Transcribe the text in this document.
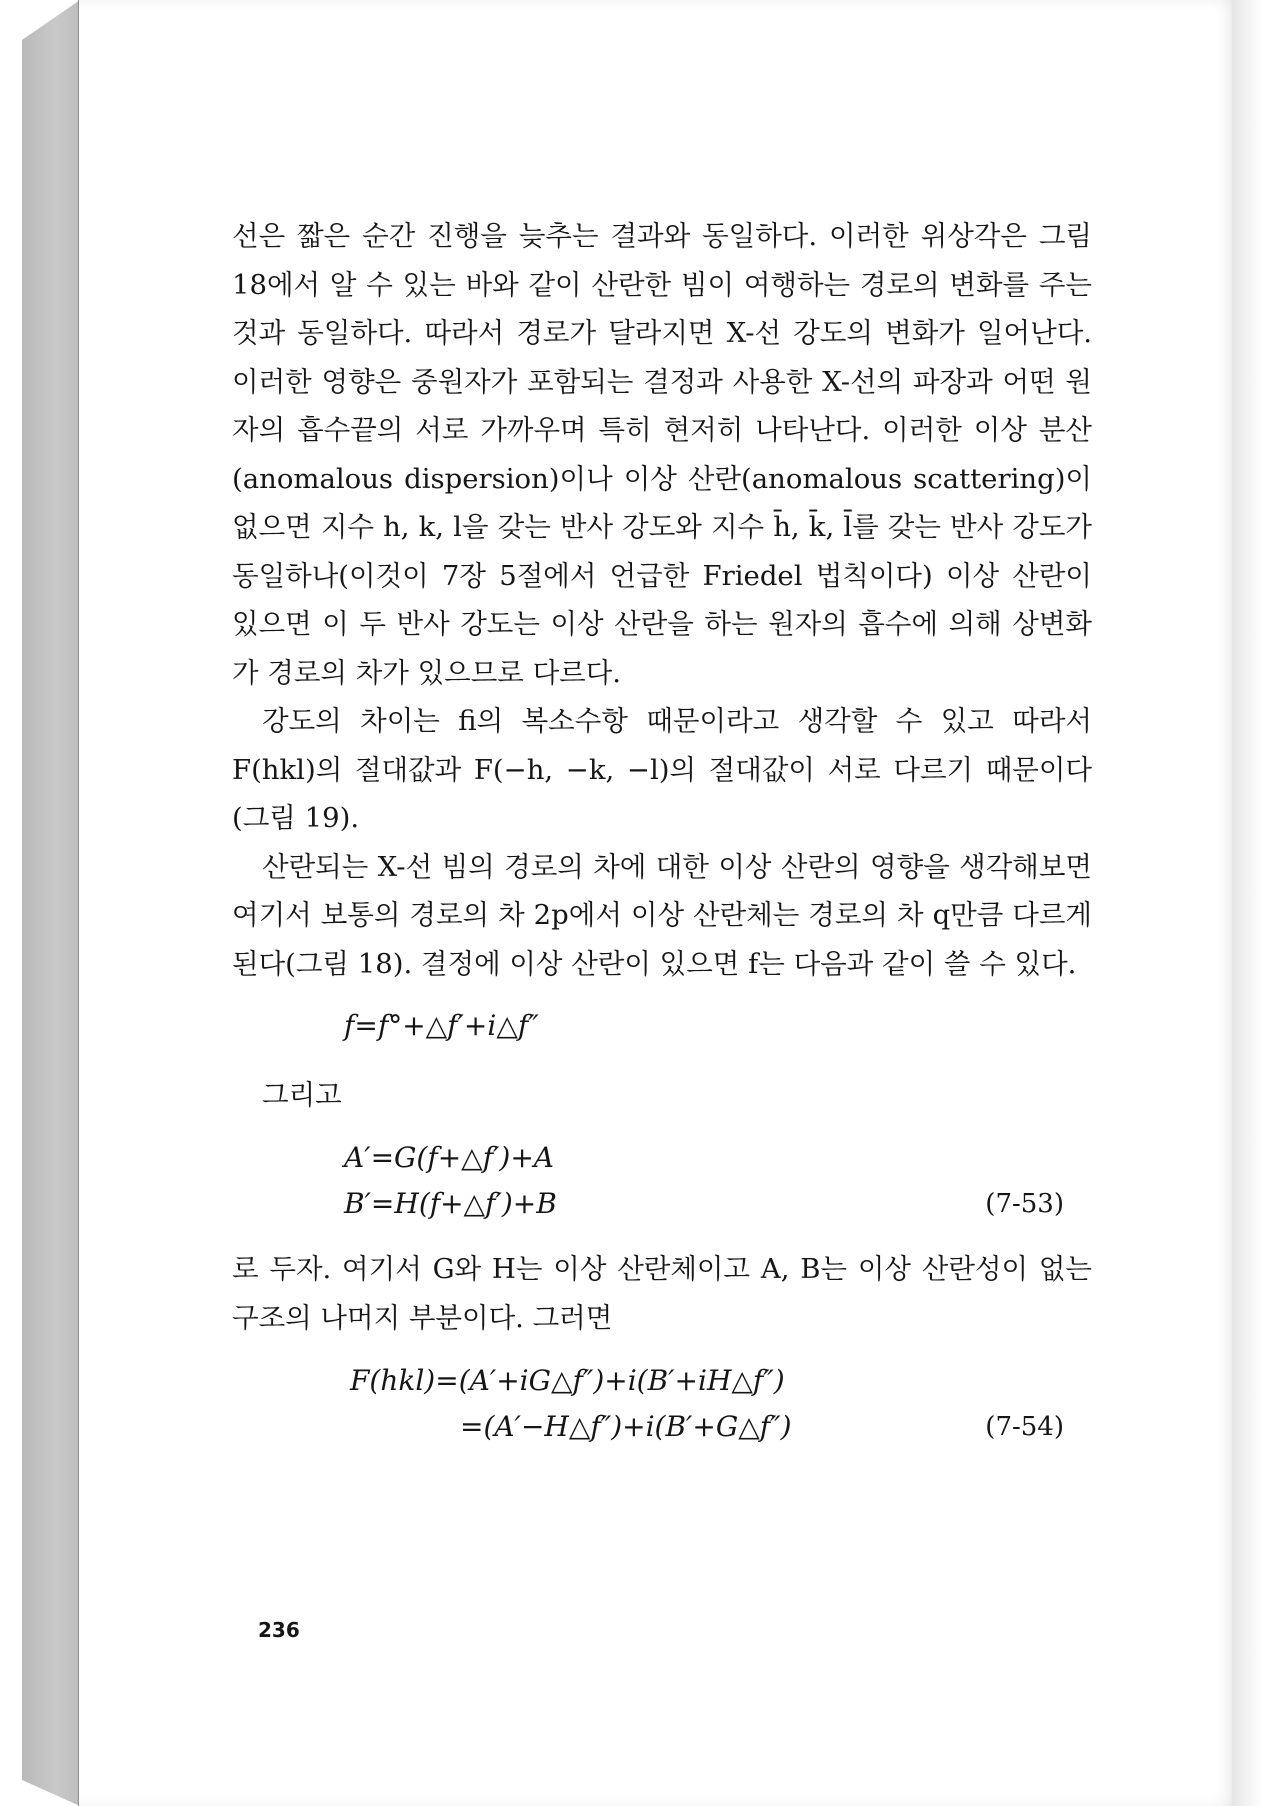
선은 짧은 순간 진행을 늦추는 결과와 동일하다. 이러한 위상각은 그림 18에서 알 수 있는 바와 같이 산란한 빔이 여행하는 경로의 변화를 주는 것과 동일하다. 따라서 경로가 달라지면 X-선 강도의 변화가 일어난다. 이러한 영향은 중원자가 포함되는 결정과 사용한 X-선의 파장과 어떤 원자의 흡수끝의 서로 가까우며 특히 현저히 나타난다. 이러한 이상 분산(anomalous dispersion)이나 이상 산란(anomalous scattering)이 없으면 지수 h, k, l을 갖는 반사 강도와 지수 h̄, k̄, l̄를 갖는 반사 강도가 동일하나(이것이 7장 5절에서 언급한 Friedel 법칙이다) 이상 산란이 있으면 이 두 반사 강도는 이상 산란을 하는 원자의 흡수에 의해 상변화가 경로의 차가 있으므로 다르다.

강도의 차이는 fi의 복소수항 때문이라고 생각할 수 있고 따라서 F(hkl)의 절대값과 F(−h, −k, −l)의 절대값이 서로 다르기 때문이다(그림 19).

산란되는 X-선 빔의 경로의 차에 대한 이상 산란의 영향을 생각해보면 여기서 보통의 경로의 차 2p에서 이상 산란체는 경로의 차 q만큼 다르게 된다(그림 18). 결정에 이상 산란이 있으면 f는 다음과 같이 쓸 수 있다.

f=f°+△f′+i△f″

그리고

A′=G(f+△f′)+A
B′=H(f+△f′)+B	(7-53)

로 두자. 여기서 G와 H는 이상 산란체이고 A, B는 이상 산란성이 없는 구조의 나머지 부분이다. 그러면

F(hkl)=(A′+iG△f″)+i(B′+iH△f″)
=(A′−H△f″)+i(B′+G△f″)	(7-54)
236
